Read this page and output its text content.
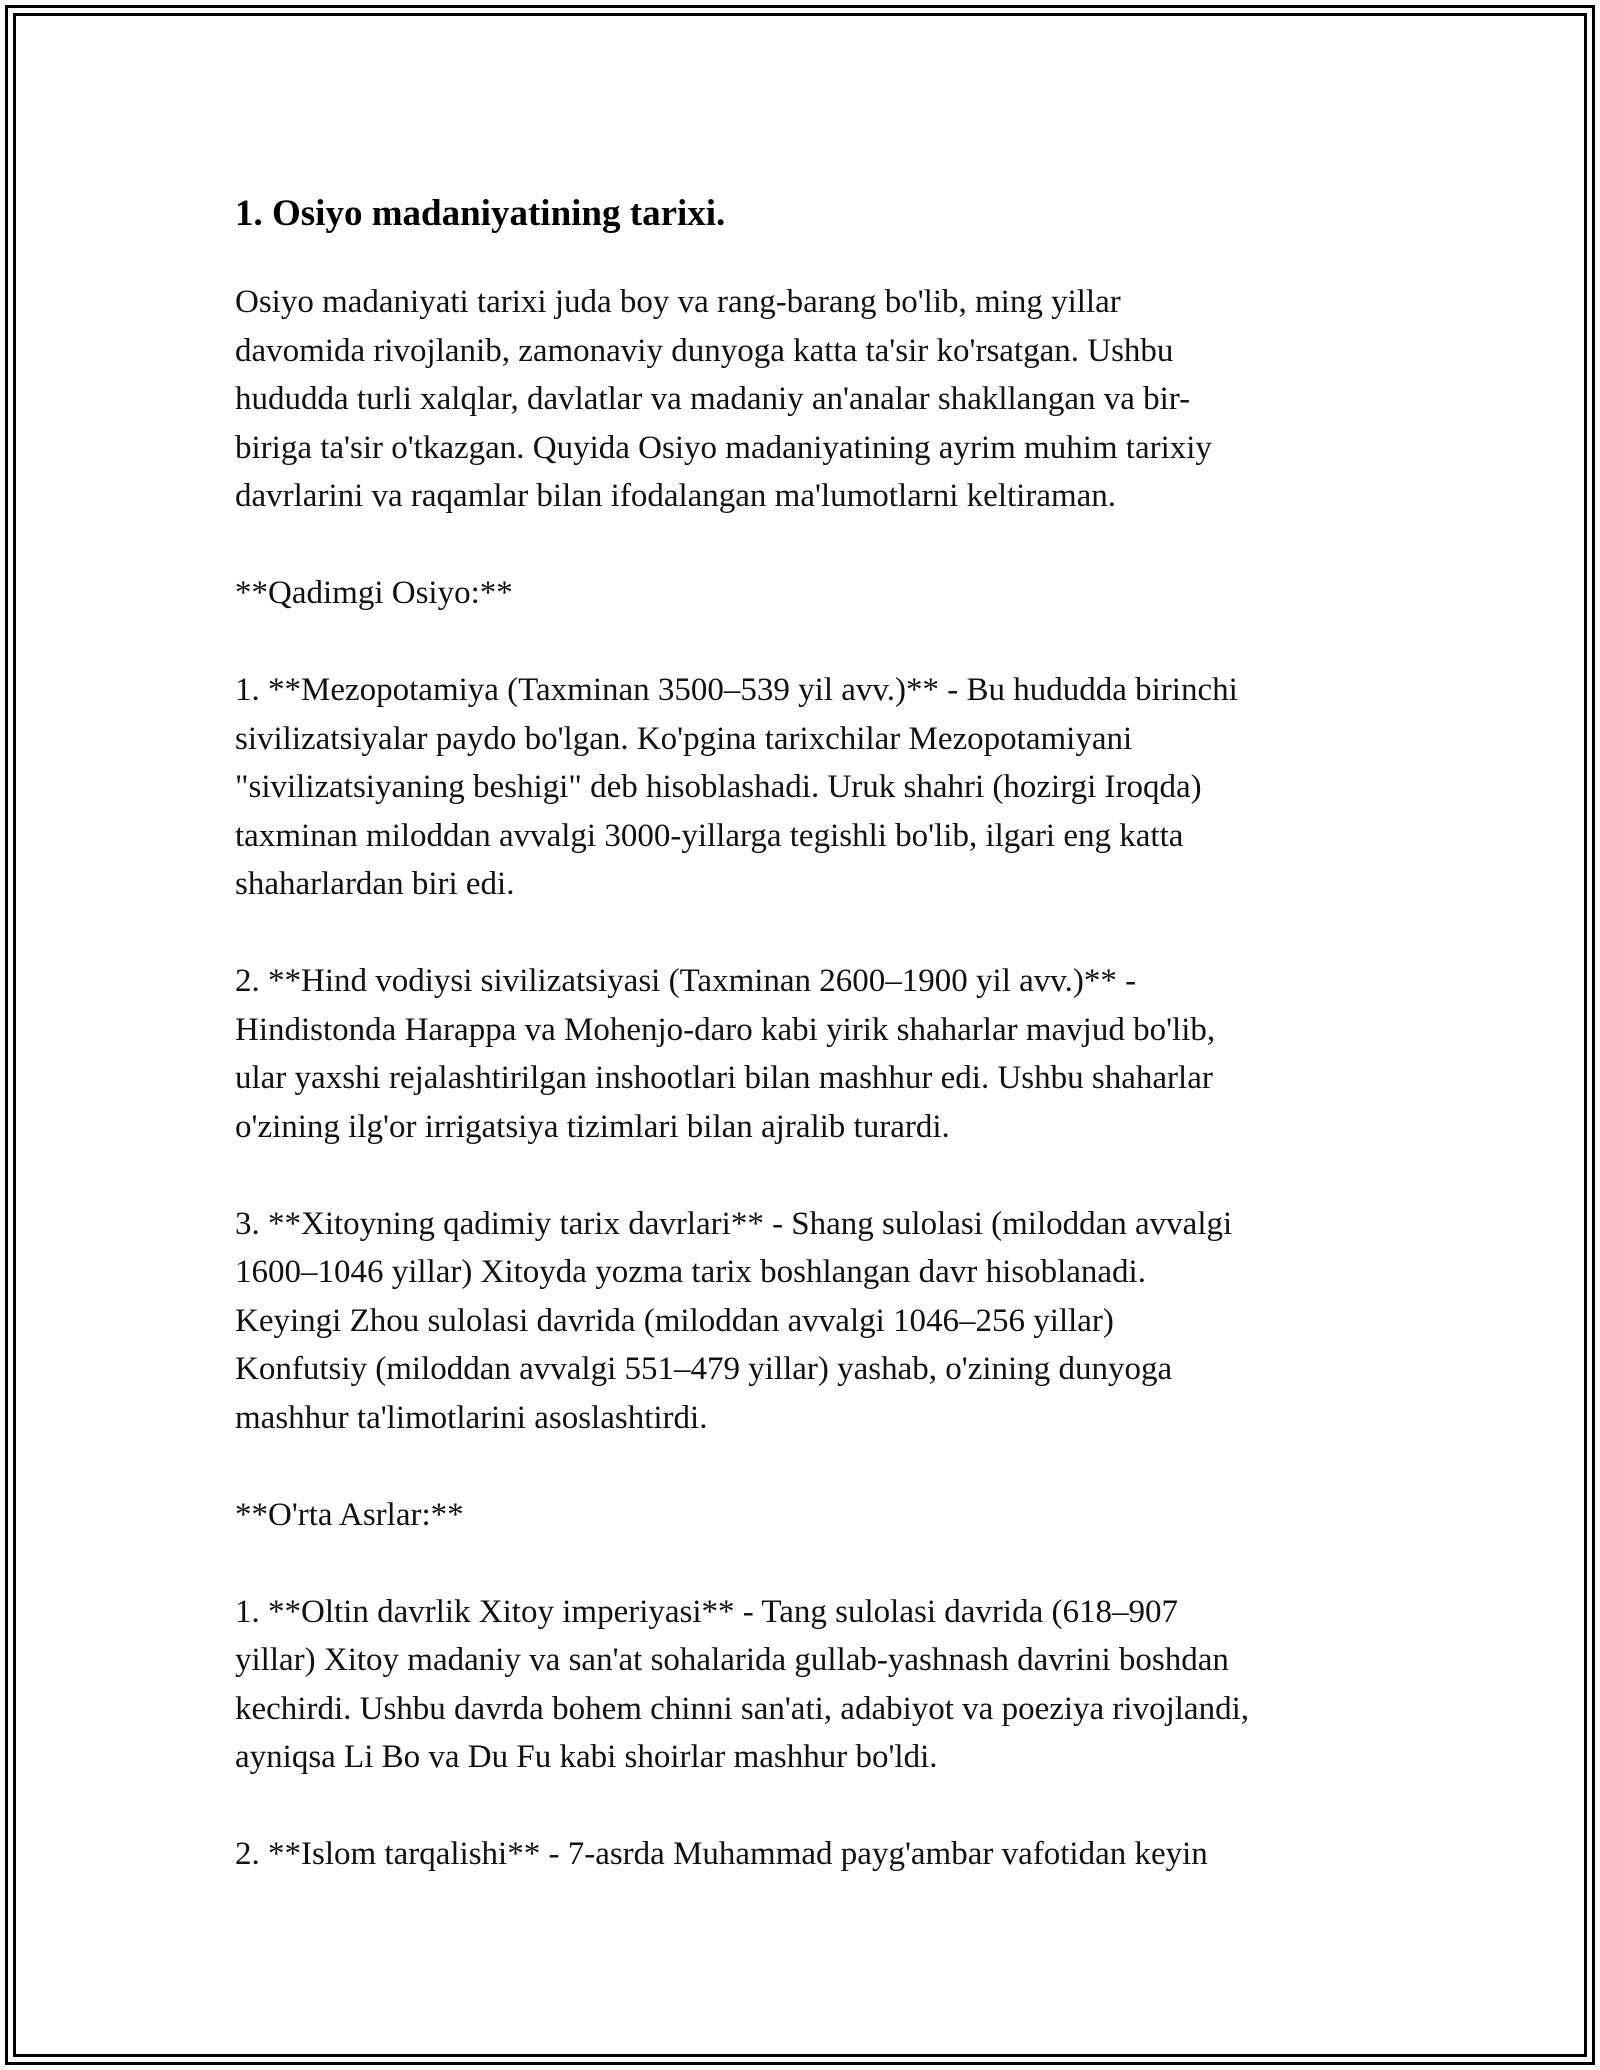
1. Osiyo madaniyatining tarixi.
Osiyo madaniyati tarixi juda boy va rang-barang bo'lib, ming yillar
davomida rivojlanib, zamonaviy dunyoga katta ta'sir ko'rsatgan. Ushbu
hududda turli xalqlar, davlatlar va madaniy an'analar shakllangan va bir-
biriga ta'sir o'tkazgan. Quyida Osiyo madaniyatining ayrim muhim tarixiy
davrlarini va raqamlar bilan ifodalangan ma'lumotlarni keltiraman.
**Qadimgi Osiyo:**
1. **Mezopotamiya (Taxminan 3500–539 yil avv.)** - Bu hududda birinchi
sivilizatsiyalar paydo bo'lgan. Ko'pgina tarixchilar Mezopotamiyani
"sivilizatsiyaning beshigi" deb hisoblashadi. Uruk shahri (hozirgi Iroqda)
taxminan miloddan avvalgi 3000-yillarga tegishli bo'lib, ilgari eng katta
shaharlardan biri edi.
2. **Hind vodiysi sivilizatsiyasi (Taxminan 2600–1900 yil avv.)** -
Hindistonda Harappa va Mohenjo-daro kabi yirik shaharlar mavjud bo'lib,
ular yaxshi rejalashtirilgan inshootlari bilan mashhur edi. Ushbu shaharlar
o'zining ilg'or irrigatsiya tizimlari bilan ajralib turardi.
3. **Xitoyning qadimiy tarix davrlari** - Shang sulolasi (miloddan avvalgi
1600–1046 yillar) Xitoyda yozma tarix boshlangan davr hisoblanadi.
Keyingi Zhou sulolasi davrida (miloddan avvalgi 1046–256 yillar)
Konfutsiy (miloddan avvalgi 551–479 yillar) yashab, o'zining dunyoga
mashhur ta'limotlarini asoslashtirdi.
**O'rta Asrlar:**
1. **Oltin davrlik Xitoy imperiyasi** - Tang sulolasi davrida (618–907
yillar) Xitoy madaniy va san'at sohalarida gullab-yashnash davrini boshdan
kechirdi. Ushbu davrda bohem chinni san'ati, adabiyot va poeziya rivojlandi,
ayniqsa Li Bo va Du Fu kabi shoirlar mashhur bo'ldi.
2. **Islom tarqalishi** - 7-asrda Muhammad payg'ambar vafotidan keyin
